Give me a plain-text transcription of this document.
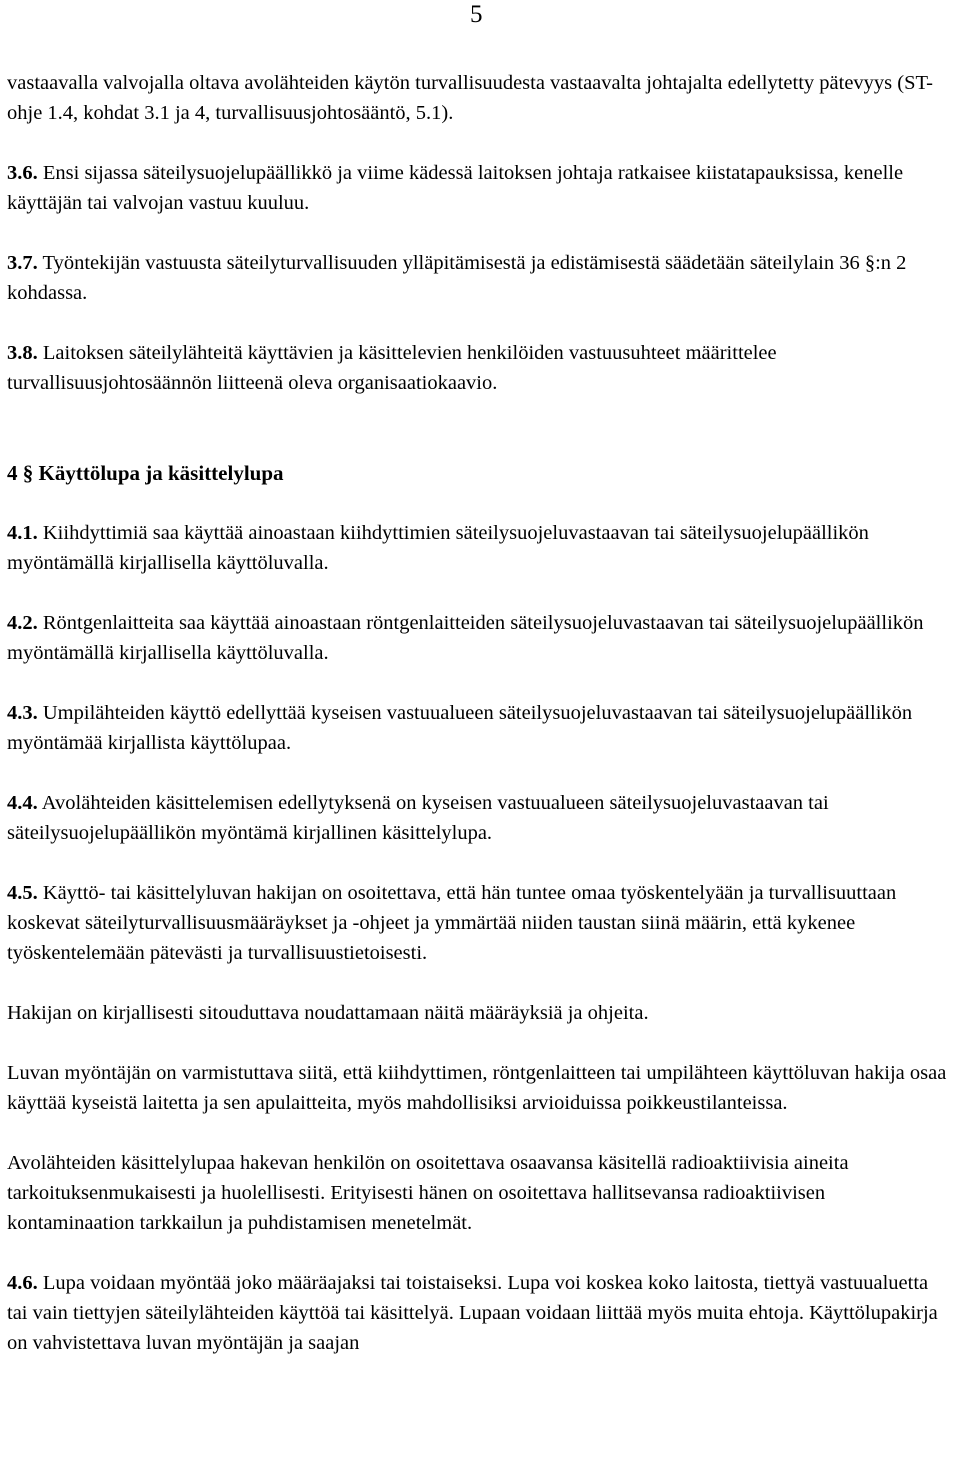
5

vastaavalla valvojalla oltava avolähteiden käytön turvallisuudesta vastaavalta johtajalta edellytetty pätevyys (ST-ohje 1.4, kohdat 3.1 ja 4, turvallisuusjohtosääntö, 5.1).

3.6. Ensi sijassa säteilysuojelupäällikkö ja viime kädessä laitoksen johtaja ratkaisee kiistatapauksissa, kenelle käyttäjän tai valvojan vastuu kuuluu.

3.7. Työntekijän vastuusta säteilyturvallisuuden ylläpitämisestä ja edistämisestä säädetään säteilylain 36 §:n 2 kohdassa.

3.8. Laitoksen säteilylähteitä käyttävien ja käsittelevien henkilöiden vastuusuhteet määrittelee turvallisuusjohtosäännön liitteenä oleva organisaatiokaavio.

4 § Käyttölupa ja käsittelylupa

4.1. Kiihdyttimiä saa käyttää ainoastaan kiihdyttimien säteilysuojeluvastaavan tai säteilysuojelupäällikön myöntämällä kirjallisella käyttöluvalla.

4.2. Röntgenlaitteita saa käyttää ainoastaan röntgenlaitteiden säteilysuojeluvastaavan tai säteilysuojelupäällikön myöntämällä kirjallisella käyttöluvalla.

4.3. Umpilähteiden käyttö edellyttää kyseisen vastuualueen säteilysuojeluvastaavan tai säteilysuojelupäällikön myöntämää kirjallista käyttölupaa.

4.4. Avolähteiden käsittelemisen edellytyksenä on kyseisen vastuualueen säteilysuojeluvastaavan tai säteilysuojelupäällikön myöntämä kirjallinen käsittelylupa.

4.5. Käyttö- tai käsittelyluvan hakijan on osoitettava, että hän tuntee omaa työskentelyään ja turvallisuuttaan koskevat säteilyturvallisuusmääräykset ja -ohjeet ja ymmärtää niiden taustan siinä määrin, että kykenee työskentelemään pätevästi ja turvallisuustietoisesti.

Hakijan on kirjallisesti sitouduttava noudattamaan näitä määräyksiä ja ohjeita.

Luvan myöntäjän on varmistuttava siitä, että kiihdyttimen, röntgenlaitteen tai umpilähteen käyttöluvan hakija osaa käyttää kyseistä laitetta ja sen apulaitteita, myös mahdollisiksi arvioiduissa poikkeustilanteissa.

Avolähteiden käsittelylupaa hakevan henkilön on osoitettava osaavansa käsitellä radioaktiivisia aineita tarkoituksenmukaisesti ja huolellisesti. Erityisesti hänen on osoitettava hallitsevansa radioaktiivisen kontaminaation tarkkailun ja puhdistamisen menetelmät.

4.6. Lupa voidaan myöntää joko määräajaksi tai toistaiseksi. Lupa voi koskea koko laitosta, tiettyä vastuualuetta tai vain tiettyjen säteilylähteiden käyttöä tai käsittelyä. Lupaan voidaan liittää myös muita ehtoja. Käyttölupakirja on vahvistettava luvan myöntäjän ja saajan
